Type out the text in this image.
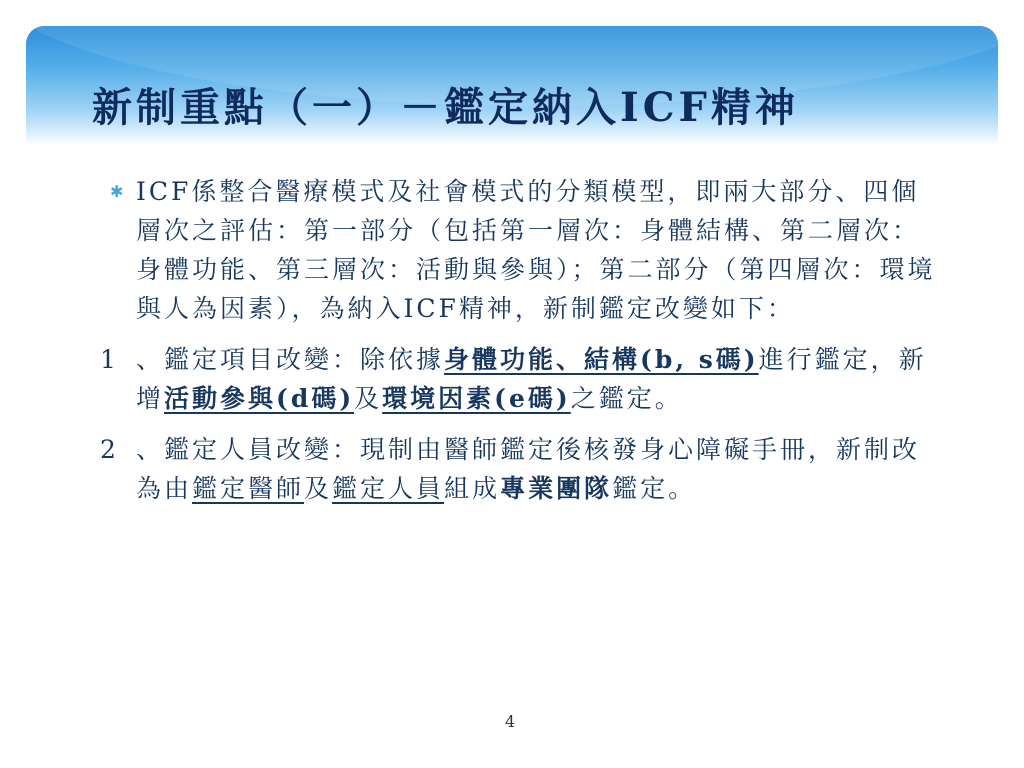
新制重點（一）－鑑定納入ICF精神
✱ ICF係整合醫療模式及社會模式的分類模型，即兩大部分、四個層次之評估：第一部分（包括第一層次：身體結構、第二層次：身體功能、第三層次：活動與參與）；第二部分（第四層次：環境與人為因素），為納入ICF精神，新制鑑定改變如下：
1 、鑑定項目改變：除依據身體功能、結構(b, s碼)進行鑑定，新增活動參與(d碼)及環境因素(e碼)之鑑定。
2 、鑑定人員改變：現制由醫師鑑定後核發身心障礙手冊，新制改為由鑑定醫師及鑑定人員組成專業團隊鑑定。
4
